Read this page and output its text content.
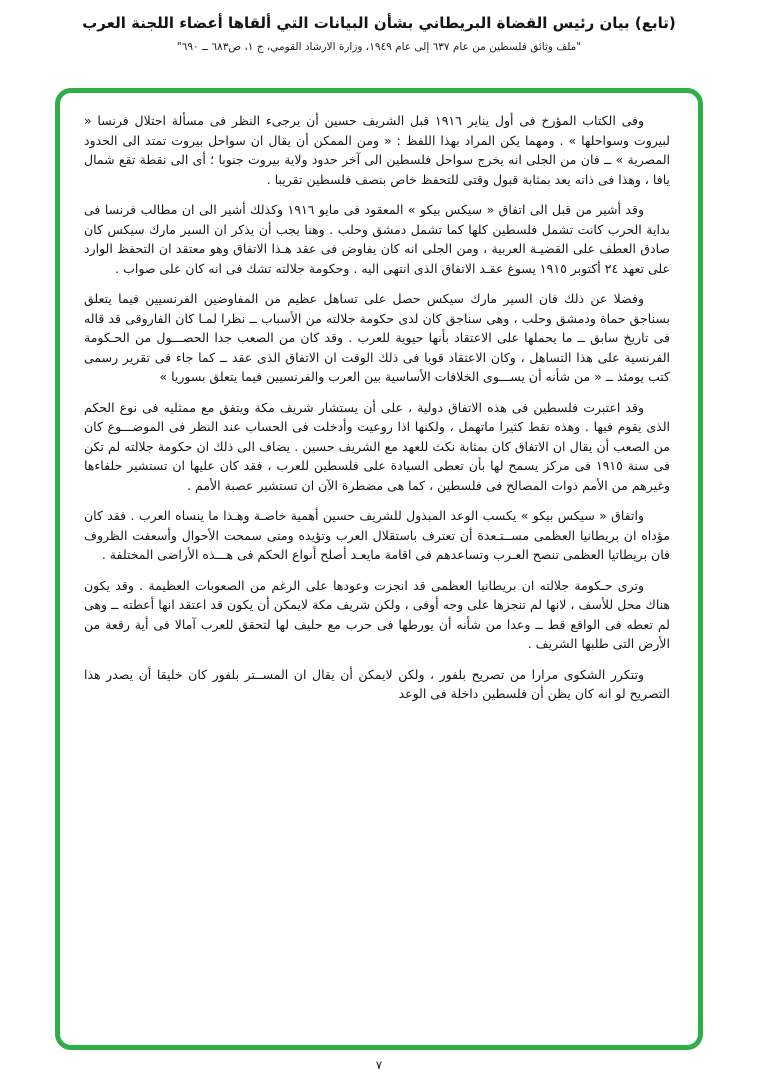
(تابع) بيان رئيس القضاة البريطاني بشأن البيانات التي ألقاها أعضاء اللجنة العرب
"ملف وثائق فلسطين من عام ٦٣٧ إلى عام ١٩٤٩، وزارة الارشاد القومي، ج ١، ص٦٨٣ ــ ٦٩٠"

وفى الكتاب المؤرخ فى أول يناير ١٩١٦ قبل الشريف حسين أن يرجىء النظر فى مسألة احتلال فرنسا « لبيروت وسواحلها » . ومهما يكن المراد بهذا اللفظ : « ومن الممكن أن يقال ان سواحل بيروت تمتد الى الحدود المصرية » ــ فان من الجلى انه يخرج سواحل فلسطين الى آخر حدود ولاية بيروت جنوبا ؛ أى الى نقطة تقع شمال يافا ، وهذا فى ذاته يعد بمثابة قبول وقتى للتحفظ خاص بنصف فلسطين تقريبا .

وقد أشير من قبل الى اتفاق « سيكس بيكو » المعقود فى مايو ١٩١٦ وكذلك أشير الى ان مطالب فرنسا فى بداية الحرب كانت تشمل فلسطين كلها كما تشمل دمشق وحلب . وهنا يجب أن يذكر ان السير مارك سيكس كان صادق العطف على القضيـة العربية ، ومن الجلى انه كان يفاوض فى عقد هـذا الاتفاق وهو معتقد ان التحفظ الوارد على تعهد ٢٤ أكتوبر ١٩١٥ يسوغ عقـد الاتفاق الذى انتهى اليه . وحكومة جلالته تشك فى انه كان على صواب .

وفضلا عن ذلك فان السير مارك سيكس حصل على تساهل عظيم من المفاوضين الفرنسيين فيما يتعلق بسناجق حماة ودمشق وحلب ، وهى سناجق كان لدى حكومة جلالته من الأسباب ــ نظرا لمـا كان الفاروقى قد قاله فى تاريخ سابق ــ ما يحملها على الاعتقاد بأنها حيوية للعرب . وقد كان من الصعب جدا الحصـــول من الحـكومة الفرنسية على هذا التساهل ، وكان الاعتقاد قويا فى ذلك الوقت ان الاتفاق الذى عقد ــ كما جاء فى تقرير رسمى كتب يومئذ ــ « من شأنه أن يســـوى الخلافات الأساسية بين العرب والفرنسيين فيما يتعلق بسوريا »

وقد اعتبرت فلسطين فى هذه الاتفاق دولية ، على أن يستشار شريف مكة ويتفق مع ممثليه فى نوع الحكم الذى يقوم فيها . وهذه نقط كثيرا ماتهمل ، ولكنها اذا روعيت وأدخلت فى الحساب عند النظر فى الموضـــوع كان من الصعب أن يقال ان الاتفاق كان بمثابة نكث للعهد مع الشريف حسين . يضاف الى ذلك ان حكومة جلالته لم تكن فى سنة ١٩١٥ فى مركز يسمح لها بأن تعطى السيادة على فلسطين للعرب ، فقد كان عليها ان تستشير حلفاءها وغيرهم من الأمم ذوات المصالح فى فلسطين ، كما هى مضطرة الآن ان تستشير عصبة الأمم .

واتفاق « سيكس بيكو » يكسب الوعد المبذول للشريف حسين أهمية خاصـة وهـذا ما ينساه العرب . فقد كان مؤداه ان بريطانيا العظمى مســتـعدة أن تعترف باستقلال العرب وتؤيده ومتى سمحت الأحوال وأسعفت الظروف فان بريطاتيا العظمى تنصح العـرب وتساعدهم فى اقامة مايعـد أصلح أنواع الحكم فى هـــذه الأراضى المختلفة .

وترى حـكومة جلالته ان بريطانيا العظمى قد انجزت وعودها على الرغم من الصعوبات العظيمة . وقد يكون هناك محل للأسف ، لانها لم تنجزها على وجه أوفى ، ولكن شريف مكة لايمكن أن يكون قد اعتقد انها أعطته ــ وهى لم تعطه فى الواقع قط ــ وعدا من شأنه أن يورطها فى حرب مع حليف لها لتحقق للعرب آمالا فى أية رقعة من الأرض التى طلبها الشريف .

وتتكرر الشكوى مرارا من تصريح بلفور ، ولكن لايمكن أن يقال ان المســتر بلفور كان خليقا أن يصدر هذا التصريح لو انه كان يظن أن فلسطين داخلة فى الوعد

٧
